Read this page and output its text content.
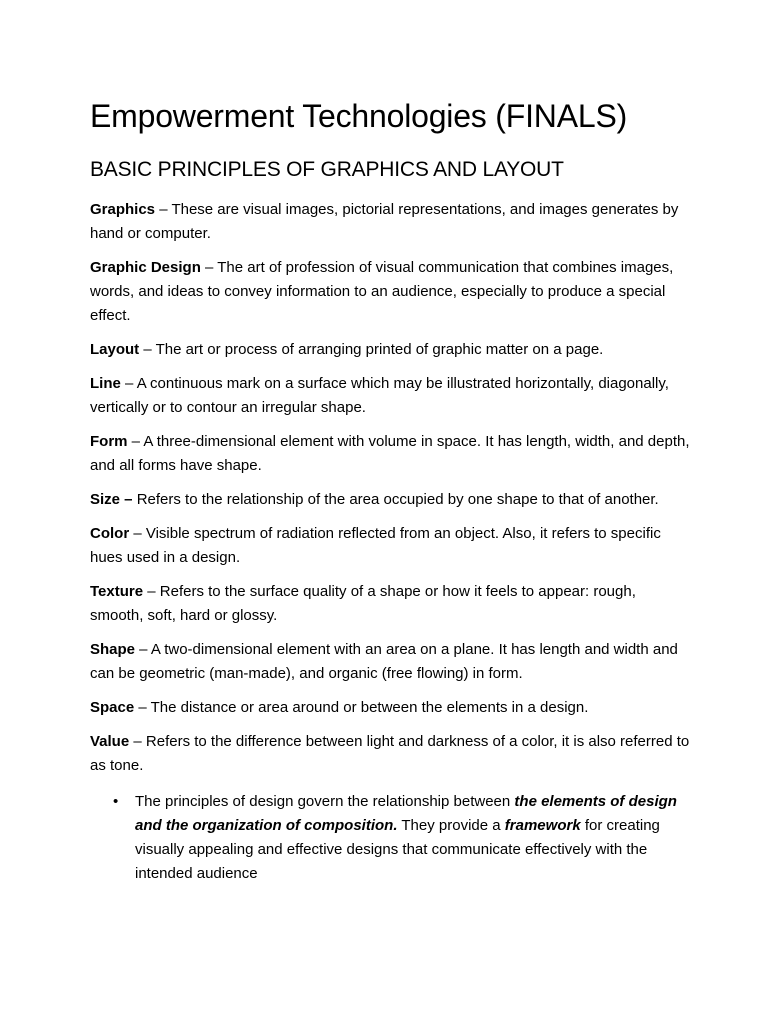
Empowerment Technologies (FINALS)
BASIC PRINCIPLES OF GRAPHICS AND LAYOUT

Graphics – These are visual images, pictorial representations, and images generates by hand or computer.

Graphic Design – The art of profession of visual communication that combines images, words, and ideas to convey information to an audience, especially to produce a special effect.

Layout – The art or process of arranging printed of graphic matter on a page.

Line – A continuous mark on a surface which may be illustrated horizontally, diagonally, vertically or to contour an irregular shape.

Form – A three-dimensional element with volume in space. It has length, width, and depth, and all forms have shape.

Size – Refers to the relationship of the area occupied by one shape to that of another.

Color – Visible spectrum of radiation reflected from an object. Also, it refers to specific hues used in a design.

Texture – Refers to the surface quality of a shape or how it feels to appear: rough, smooth, soft, hard or glossy.

Shape – A two-dimensional element with an area on a plane. It has length and width and can be geometric (man-made), and organic (free flowing) in form.

Space – The distance or area around or between the elements in a design.

Value – Refers to the difference between light and darkness of a color, it is also referred to as tone.

• The principles of design govern the relationship between the elements of design and the organization of composition. They provide a framework for creating visually appealing and effective designs that communicate effectively with the intended audience
